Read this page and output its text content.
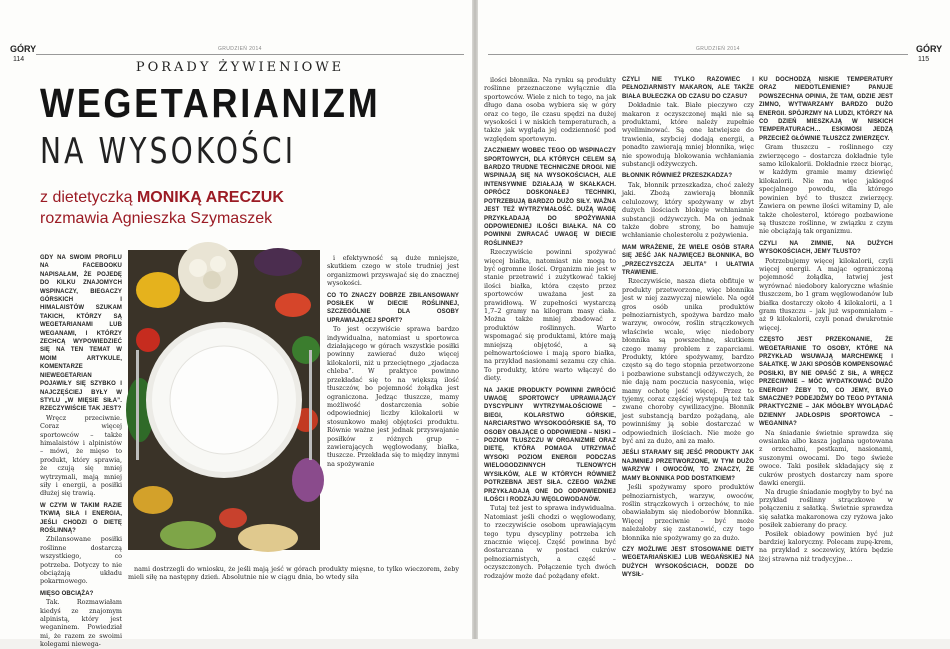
GÓRY
114
GRUDZIEŃ 2014
PORADY ŻYWIENIOWE
WEGETARIANIZM
NA WYSOKOŚCI
z dietetyczką MONIKĄ ARECZUK
rozmawia Agnieszka Szymaszek

GDY NA SWOIM PROFILU NA FACEBOOKU NAPISAŁAM, ŻE POJEDĘ DO KILKU ZNAJOMYCH WSPINACZY, BIEGACZY GÓRSKICH I HIMALAISTÓW SZUKAM TAKICH, KTÓRZY SĄ WEGETARIANAMI LUB WEGANAMI, I KTÓRZY ZECHCĄ WYPOWIEDZIEĆ SIĘ NA TEN TEMAT W MOIM ARTYKULE, KOMENTARZE NIEWEGETARIAN POJAWIŁY SIĘ SZYBKO I NAJCZĘŚCIEJ BYŁY W STYLU „W MIĘSIE SIŁA”. RZECZYWIŚCIE TAK JEST?

Wręcz przeciwnie. Coraz więcej sportowców – także himalaistów i alpinistów – mówi, że mięso to produkt, który sprawia, że czują się mniej wytrzymali, mają mniej siły i energii, a posiłki dłużej się trawią.

W CZYM W TAKIM RAZIE TKWIĄ SIŁA I ENERGIA, JEŚLI CHODZI O DIETĘ ROŚLINNĄ?

Zbilansowane posiłki roślinne dostarczą wszystkiego, co potrzeba. Dotyczy to nie obciążają układu pokarmowego.

MIĘSO OBCIĄŻA?

Tak. Rozmawiałam kiedyś ze znajomym alpinistą, który jest weganinem. Powiedział mi, że razem ze swoimi kolegami niewega-

i efektywność są duże mniejsze, skutkiem czego w stole trudniej jest organizmowi przyswajać się do znacznej wysokości.

CO TO ZNACZY DOBRZE ZBILANSOWANY POSIŁEK W DIECIE ROŚLINNEJ, SZCZEGÓLNIE DLA OSOBY UPRAWIAJĄCEJ SPORT?

To jest oczywiście sprawa bardzo indywidualna, natomiast u sportowca działającego w górach wszystkie posiłki powinny zawierać dużo więcej kilokalorii, niż u przeciętnego „zjadacza chleba”. W praktyce powinno przekładać się to na większą ilość tłuszczów, bo pojemność żołądka jest ograniczona. Jedząc tłuszcze, mamy możliwość dostarczenia sobie odpowiedniej liczby kilokalorii w stosunkowo małej objętości produktu. Równie ważne jest jednak przyswajanie posiłków z różnych grup – zawierających węglowodany, białka, tłuszcze. Przekłada się to między innymi na spożywanie

nami dostrzegli do wniosku, że jeśli mają jeść w górach produkty mięsne, to tylko wieczorem, żeby mieli siłę na następny dzień. Absolutnie nie w ciągu dnia, bo wtedy siła

GÓRY
115
GRUDZIEŃ 2014

ilości błonnika. Na rynku są produkty roślinne przeznaczone wyłącznie dla sportowców. Wiele z nich to tego, na jak długo dana osoba wybiera się w góry oraz co tego, ile czasu spędzi na dużej wysokości i w niskich temperaturach, a także jak wygląda jej codzienność pod względem sportowym.

ZACZNIEMY WOBEC TEGO OD WSPINACZY SPORTOWYCH, DLA KTÓRYCH CELEM SĄ BARDZO TRUDNE TECHNICZNE DROGI. NIE WSPINAJĄ SIĘ NA WYSOKOŚCIACH, ALE INTENSYWNIE DZIAŁAJĄ W SKAŁKACH. OPRÓCZ DOSKONAŁEJ TECHNIKI, POTRZEBUJĄ BARDZO DUŻO SIŁY. WAŻNA JEST TEŻ WYTRZYMAŁOŚĆ. DUŻĄ WAGĘ PRZYKŁADAJĄ DO SPOŻYWANIA ODPOWIEDNIEJ ILOŚCI BIAŁKA. NA CO POWINNI ZWRACAĆ UWAGĘ W DIECIE ROŚLINNEJ?

Rzeczywiście powinni spożywać więcej białka, natomiast nie mogą to być ogromne ilości. Organizm nie jest w stanie przetrawić i zużytkować takiej ilości białka, która często przez sportowców uważana jest za prawidłową. W zupełności wystarczą 1,7–2 gramy na kilogram masy ciała. Można także mniej zbadować z produktów roślinnych. Warto wspomagać się produktami, które mają mniejszą objętość, a są pełnowartościowe i mają sporo białka, na przykład nasionami sezamu czy chia. To produkty, które warto włączyć do diety.

NA JAKIE PRODUKTY POWINNI ZWRÓCIĆ UWAGĘ SPORTOWCY UPRAWIAJĄCY DYSCYPLINY WYTRZYMAŁOŚCIOWE – BIEGI, KOLARSTWO GÓRSKIE, NARCIARSTWO WYSOKOGÓRSKIE SĄ, TO OSOBY OBAJĄCE O ODPOWIEDNI – NISKI – POZIOM TŁUSZCZU W ORGANIZMIE ORAZ DIETĘ, KTÓRA POMAGA UTRZYMAĆ WYSOKI POZIOM ENERGII PODCZAS WIELOGODZINNYCH TLENOWYCH WYSIŁKÓW, ALE W KTÓRYCH RÓWNIEŻ POTRZEBNA JEST SIŁA. CZEGO WAŻNE PRZYKŁADAJĄ ONE DO ODPOWIEDNIEJ ILOŚCI I RODZAJU WĘGLOWODANÓW.

Tutaj też jest to sprawa indywidualna. Natomiast jeśli chodzi o węglowodany, to rzeczywiście osobom uprawiającym tego typu dyscypliny potrzeba ich znacznie więcej. Część powinna być dostarczana w postaci cukrów pełnoziarnistych, a część – oczyszczonych. Połączenie tych dwóch rodzajów może dać pożądany efekt.

CZYLI NIE TYLKO RAZOWIEC I PEŁNOZIARNISTY MAKARON, ALE TAKŻE BIAŁA BUŁECZKA OD CZASU DO CZASU?

Dokładnie tak. Białe pieczywo czy makaron z oczyszczonej mąki nie są produktami, które należy zupełnie wyeliminować. Są one łatwiejsze do trawienia, szybciej dodają energii, a ponadto zawierają mniej błonnika, więc nie spowodują blokowania wchłaniania substancji odżywczych.

BŁONNIK RÓWNIEŻ PRZESZKADZA?

Tak, błonnik przeszkadza, choć zależy jaki. Zbożą zawierają błonnik celulozowy, który spożywany w zbyt dużych ilościach blokuje wchłanianie substancji odżywczych. Ma on jednak także dobre strony, bo hamuje wchłanianie cholesterolu z pożywienia.

MAM WRAŻENIE, ŻE WIELE OSÓB STARA SIĘ JEŚĆ JAK NAJWIĘCEJ BŁONNIKA, BO „PRZECZYSZCZA JELITA” I UŁATWIA TRAWIENIE.

Rzeczywiście, nasza dieta obfituje w produkty przetworzone, więc błonnika jest w niej zazwyczaj niewiele. Na ogół gros osób unika produktów pełnoziarnistych, spożywa bardzo mało warzyw, owoców, roślin strączkowych właściwie wcale, więc niedobory błonnika są powszechne, skutkiem czego mamy problem z zaparciami. Produkty, które spożywamy, bardzo często są do tego stopnia przetworzone i pozbawione substancji odżywczych, że nie dają nam poczucia nasycenia, więc mamy ochotę jeść więcej. Przez to tyjemy, coraz częściej występują też tak zwane choroby cywilizacyjne. Błonnik jest substancją bardzo pożądaną, ale powinniśmy ją sobie dostarczać w odpowiednich ilościach. Nie może go być ani za dużo, ani za mało.

JEŚLI STARAMY SIĘ JEŚĆ PRODUKTY JAK NAJMNIEJ PRZETWORZONE, W TYM DUŻO WARZYW I OWOCÓW, TO ZNACZY, ŻE MAMY BŁONNIKA POD DOSTATKIEM?

Jeśli spożywamy sporo produktów pełnoziarnistych, warzyw, owoców, roślin strączkowych i orzechów, to nie obawiałabym się niedoborów błonnika. Więcej przeciwnie – być może należałoby się zastanowić, czy tego błonnika nie spożywamy go za dużo.

CZY MOŻLIWE JEST STOSOWANIE DIETY WEGETARIAŃSKIEJ LUB WEGAŃSKIEJ NA DUŻYCH WYSOKOŚCIACH, DODZE DO WYSIŁ-

KU DOCHODZĄ NISKIE TEMPERATURY ORAZ NIEDOTLENIENIE? PANUJE POWSZECHNA OPINIA, ŻE TAM, GDZIE JEST ZIMNO, WYTWARZAMY BARDZO DUŻO ENERGII. SPÓJRZMY NA LUDZI, KTÓRZY NA CO DZIEŃ MIESZKAJĄ W NISKICH TEMPERATURACH… ESKIMOSI JEDZĄ PRZECIEŻ GŁÓWNIE TŁUSZCZ ZWIERZĘCY.

Gram tłuszczu – roślinnego czy zwierzęcego – dostarcza dokładnie tyle samo kilokalorii. Dokładnie rzecz biorąc, w każdym gramie mamy dziewięć kilokalorii. Nie ma więc jakiegoś specjalnego powodu, dla którego powinien być to tłuszcz zwierzęcy. Zawiera on pewne ilości witaminy D, ale także cholesterol, którego pozbawione są tłuszcze roślinne, w związku z czym nie obciążają tak organizmu.

CZYLI NA ZIMNIE, NA DUŻYCH WYSOKOŚCIACH, JEMY TŁUSTO?

Potrzebujemy więcej kilokalorii, czyli więcej energii. A mając ograniczoną pojemność żołądka, łatwiej jest wyrównać niedobory kaloryczne właśnie tłuszczem, bo 1 gram węglowodanów lub białka dostarczy około 4 kilokalorii, a 1 gram tłuszczu – jak już wspomniałam – aż 9 kilokalorii, czyli ponad dwukrotnie więcej.

CZĘSTO JEST PRZEKONANIE, ŻE WEGETARIANIE TO OSOBY, KTÓRE NA PRZYKŁAD WSUWAJĄ MARCHEWKĘ I SAŁATKĘ. W JAKI SPOSÓB KOMPENSOWAĆ POSIŁKI, BY NIE OPAŚĆ Z SIŁ, A WRĘCZ PRZECIWNIE – MÓC WYDATKOWAĆ DUŻO ENERGII? ŻEBY TO, CO JEMY, BYŁO SMACZNE? PODEJDŹMY DO TEGO PYTANIA PRAKTYCZNIE – JAK MÓGŁBY WYGLĄDAĆ DZIENNY JADŁOSPIS SPORTOWCA – WEGANINA?

Na śniadanie świetnie sprawdza się owsianka albo kasza jaglana ugotowana z orzechami, pestkami, nasionami, suszonymi owocami. Do tego świeże owoce. Taki posiłek składający się z cukrów prostych dostarczy nam spore dawki energii.

Na drugie śniadanie mogłyby to być na przykład roślinny strączkowe w połączeniu z sałatką. Świetnie sprawdza się sałatka makaronowa czy ryżowa jako posiłek zabierany do pracy.

Posiłek obiadowy powinien być już bardziej kaloryczny. Polecam zupę-krem, na przykład z soczewicy, która będzie lżej strawna niż tradycyjne…
